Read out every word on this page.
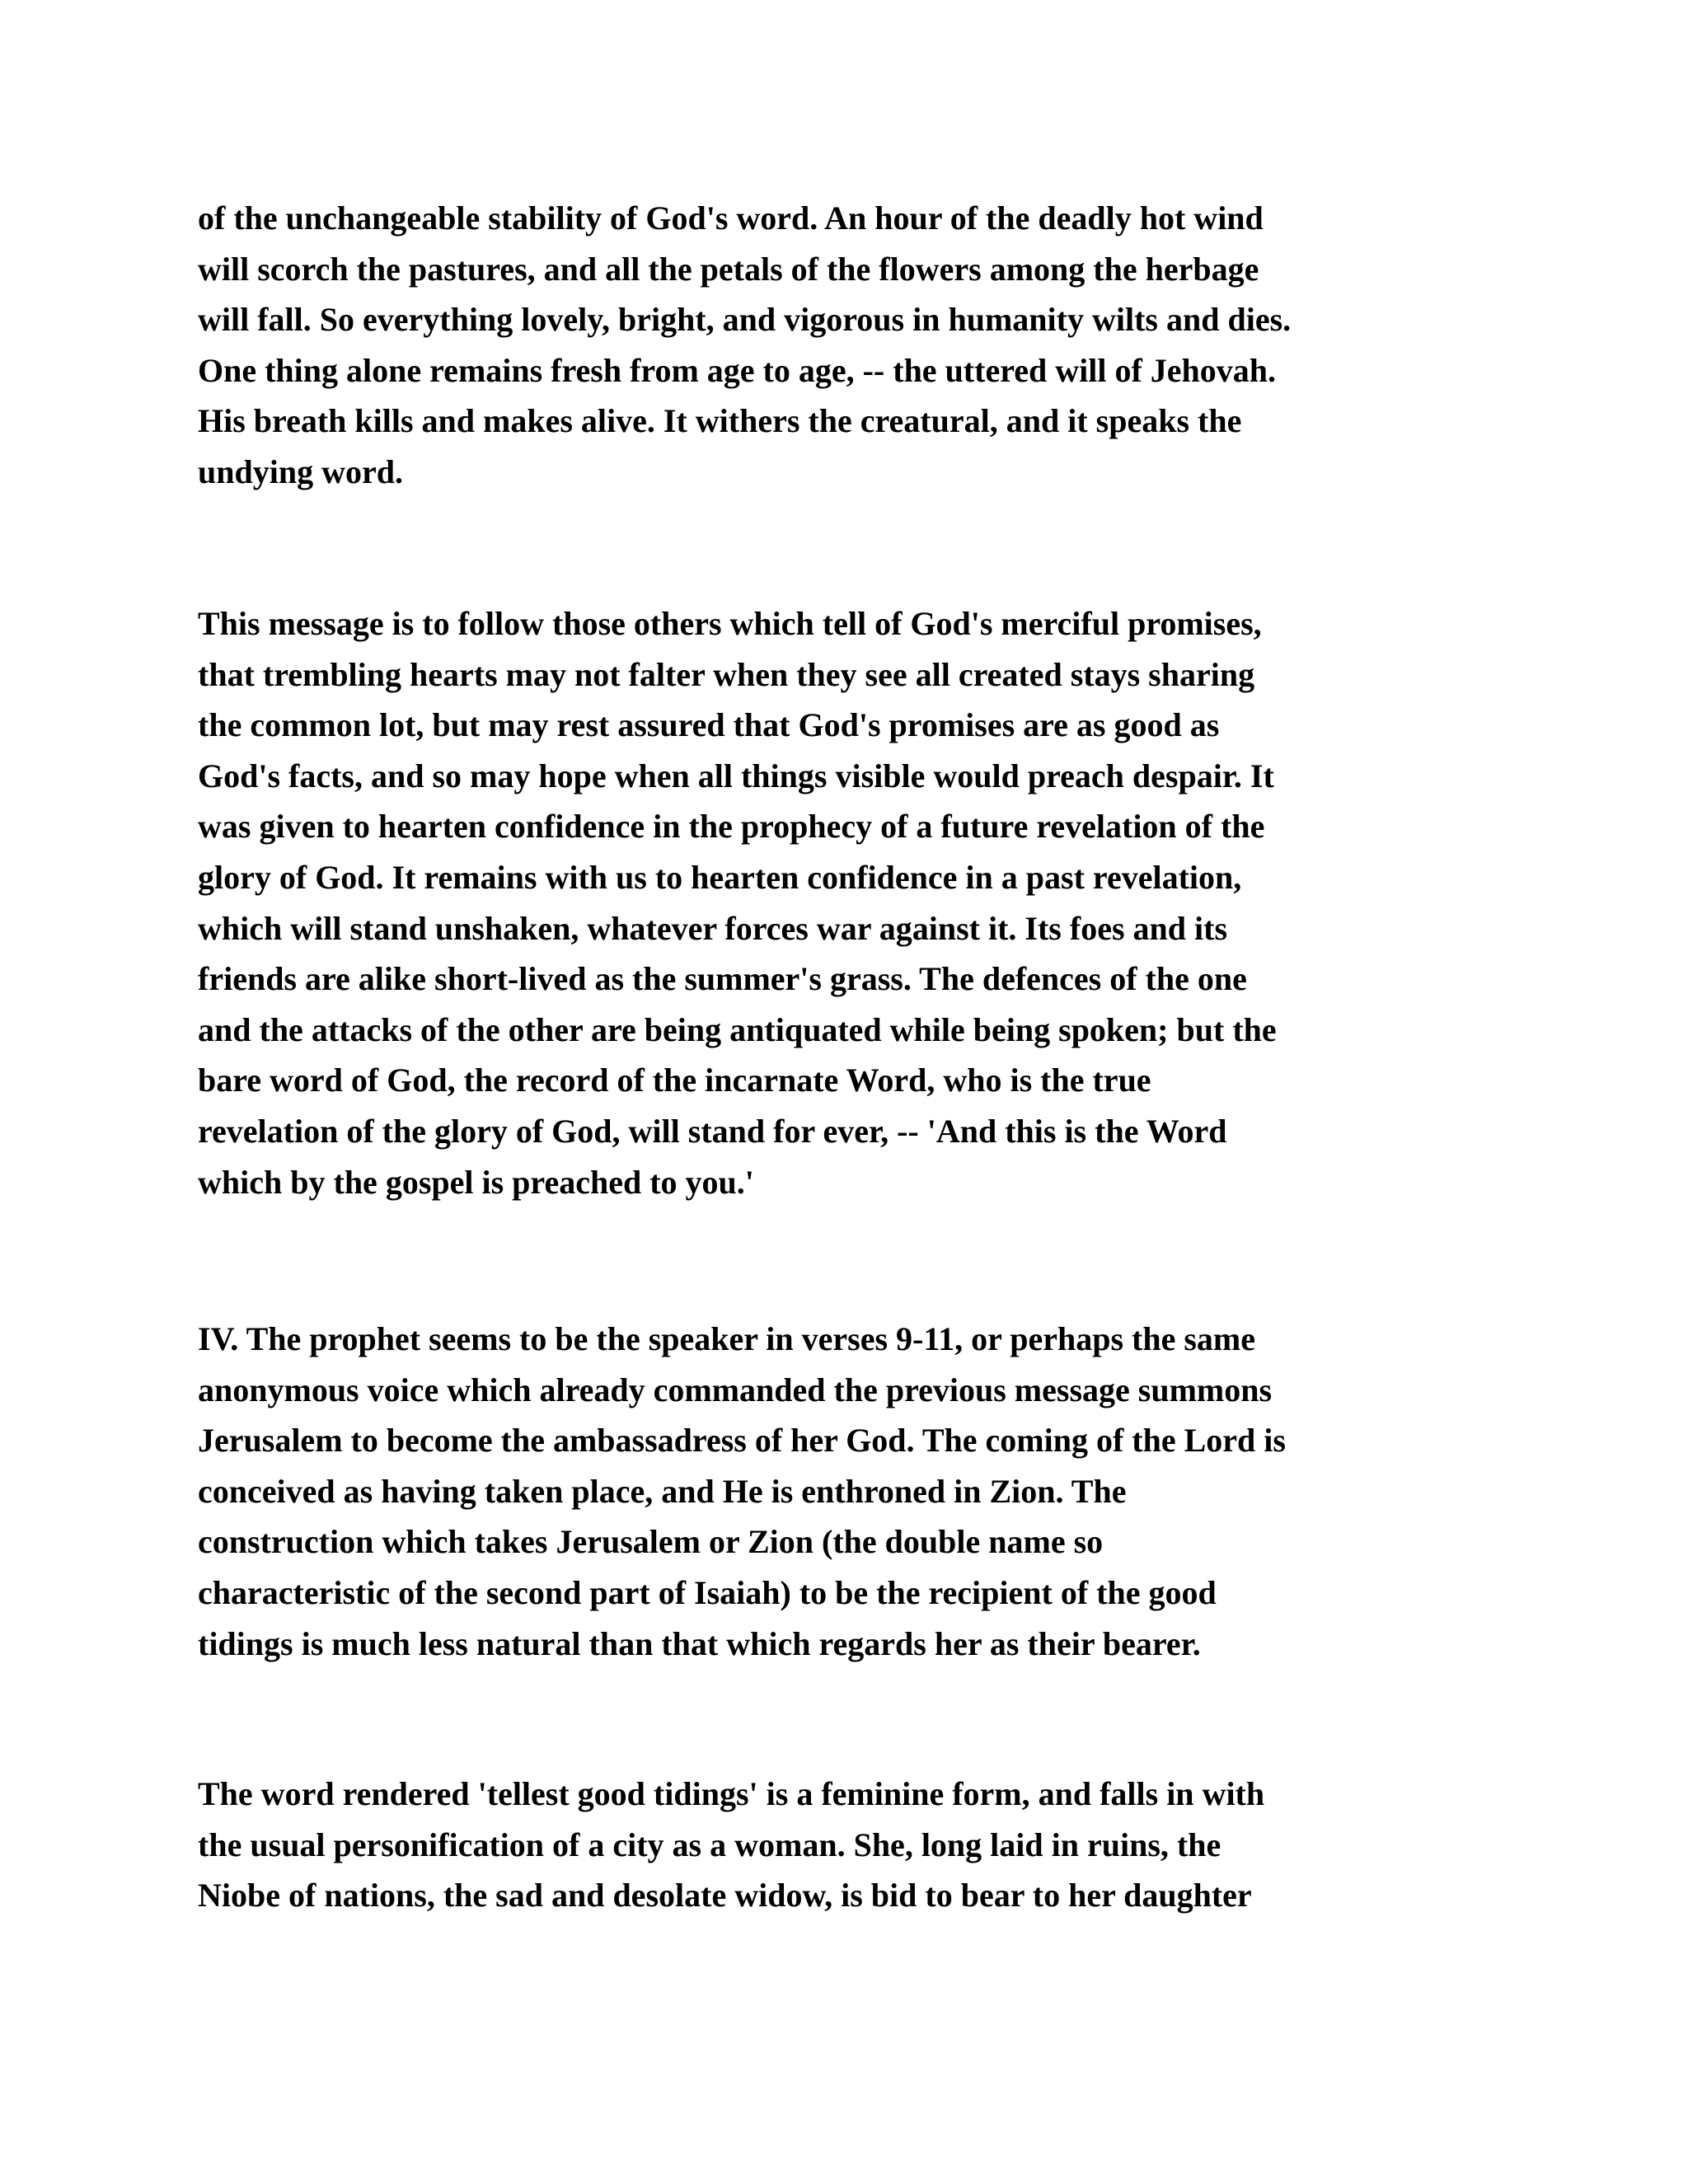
of the unchangeable stability of God's word. An hour of the deadly hot wind
will scorch the pastures, and all the petals of the flowers among the herbage
will fall. So everything lovely, bright, and vigorous in humanity wilts and dies.
One thing alone remains fresh from age to age, -- the uttered will of Jehovah.
His breath kills and makes alive. It withers the creatural, and it speaks the
undying word.

This message is to follow those others which tell of God's merciful promises,
that trembling hearts may not falter when they see all created stays sharing
the common lot, but may rest assured that God's promises are as good as
God's facts, and so may hope when all things visible would preach despair. It
was given to hearten confidence in the prophecy of a future revelation of the
glory of God. It remains with us to hearten confidence in a past revelation,
which will stand unshaken, whatever forces war against it. Its foes and its
friends are alike short-lived as the summer's grass. The defences of the one
and the attacks of the other are being antiquated while being spoken; but the
bare word of God, the record of the incarnate Word, who is the true
revelation of the glory of God, will stand for ever, -- 'And this is the Word
which by the gospel is preached to you.'

IV. The prophet seems to be the speaker in verses 9-11, or perhaps the same
anonymous voice which already commanded the previous message summons
Jerusalem to become the ambassadress of her God. The coming of the Lord is
conceived as having taken place, and He is enthroned in Zion. The
construction which takes Jerusalem or Zion (the double name so
characteristic of the second part of Isaiah) to be the recipient of the good
tidings is much less natural than that which regards her as their bearer.

The word rendered 'tellest good tidings' is a feminine form, and falls in with
the usual personification of a city as a woman. She, long laid in ruins, the
Niobe of nations, the sad and desolate widow, is bid to bear to her daughter
